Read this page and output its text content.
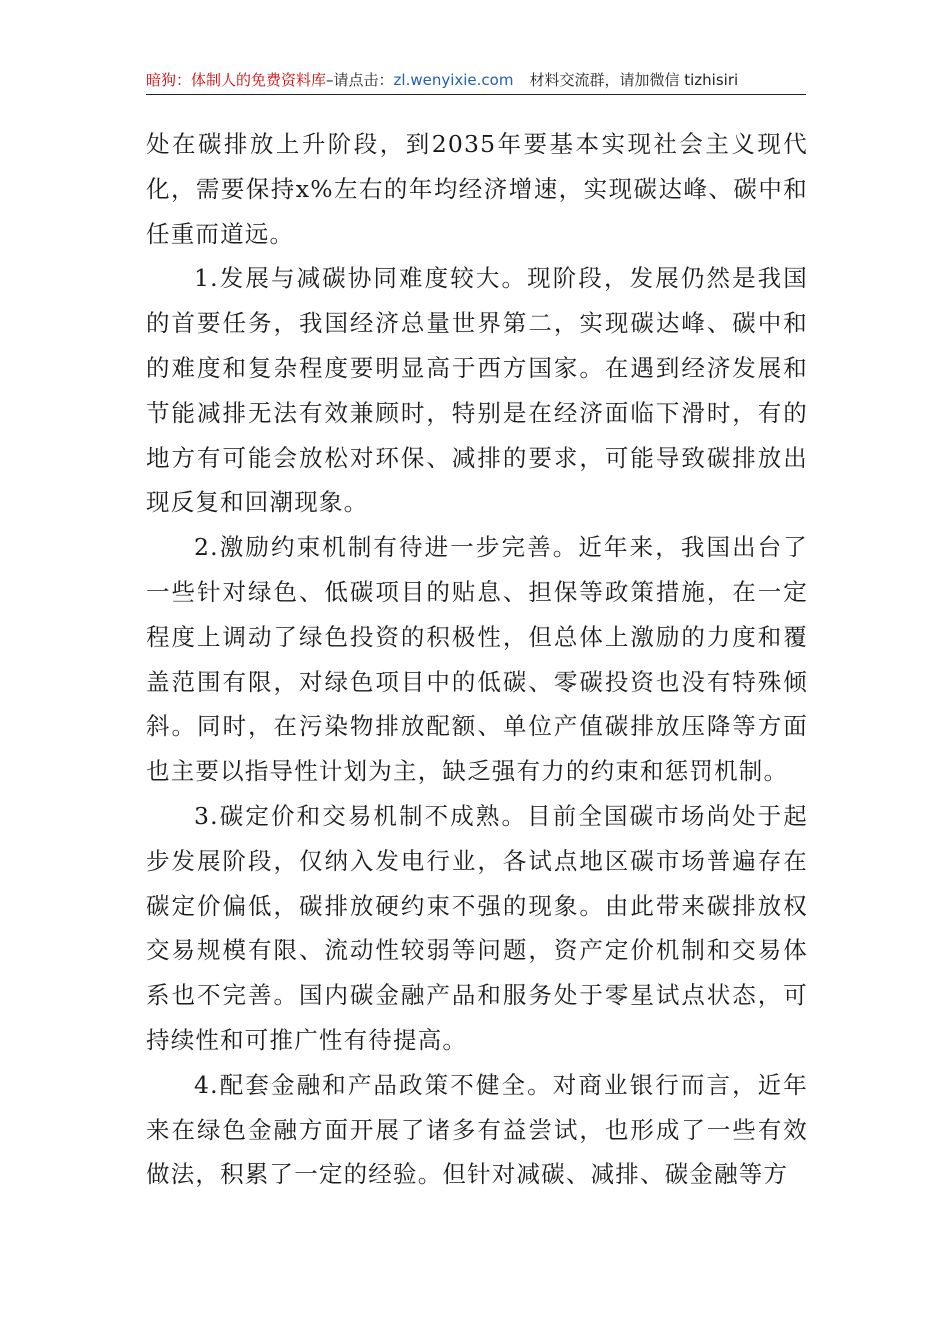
暗狗：体制人的免费资料库–请点击：zl.wenyixie.com 材料交流群，请加微信 tizhisiri

处在碳排放上升阶段，到2035年要基本实现社会主义现代化，需要保持x%左右的年均经济增速，实现碳达峰、碳中和任重而道远。

1.发展与减碳协同难度较大。现阶段，发展仍然是我国的首要任务，我国经济总量世界第二，实现碳达峰、碳中和的难度和复杂程度要明显高于西方国家。在遇到经济发展和节能减排无法有效兼顾时，特别是在经济面临下滑时，有的地方有可能会放松对环保、减排的要求，可能导致碳排放出现反复和回潮现象。

2.激励约束机制有待进一步完善。近年来，我国出台了一些针对绿色、低碳项目的贴息、担保等政策措施，在一定程度上调动了绿色投资的积极性，但总体上激励的力度和覆盖范围有限，对绿色项目中的低碳、零碳投资也没有特殊倾斜。同时，在污染物排放配额、单位产值碳排放压降等方面也主要以指导性计划为主，缺乏强有力的约束和惩罚机制。

3.碳定价和交易机制不成熟。目前全国碳市场尚处于起步发展阶段，仅纳入发电行业，各试点地区碳市场普遍存在碳定价偏低，碳排放硬约束不强的现象。由此带来碳排放权交易规模有限、流动性较弱等问题，资产定价机制和交易体系也不完善。国内碳金融产品和服务处于零星试点状态，可持续性和可推广性有待提高。

4.配套金融和产品政策不健全。对商业银行而言，近年来在绿色金融方面开展了诸多有益尝试，也形成了一些有效做法，积累了一定的经验。但针对减碳、减排、碳金融等方
